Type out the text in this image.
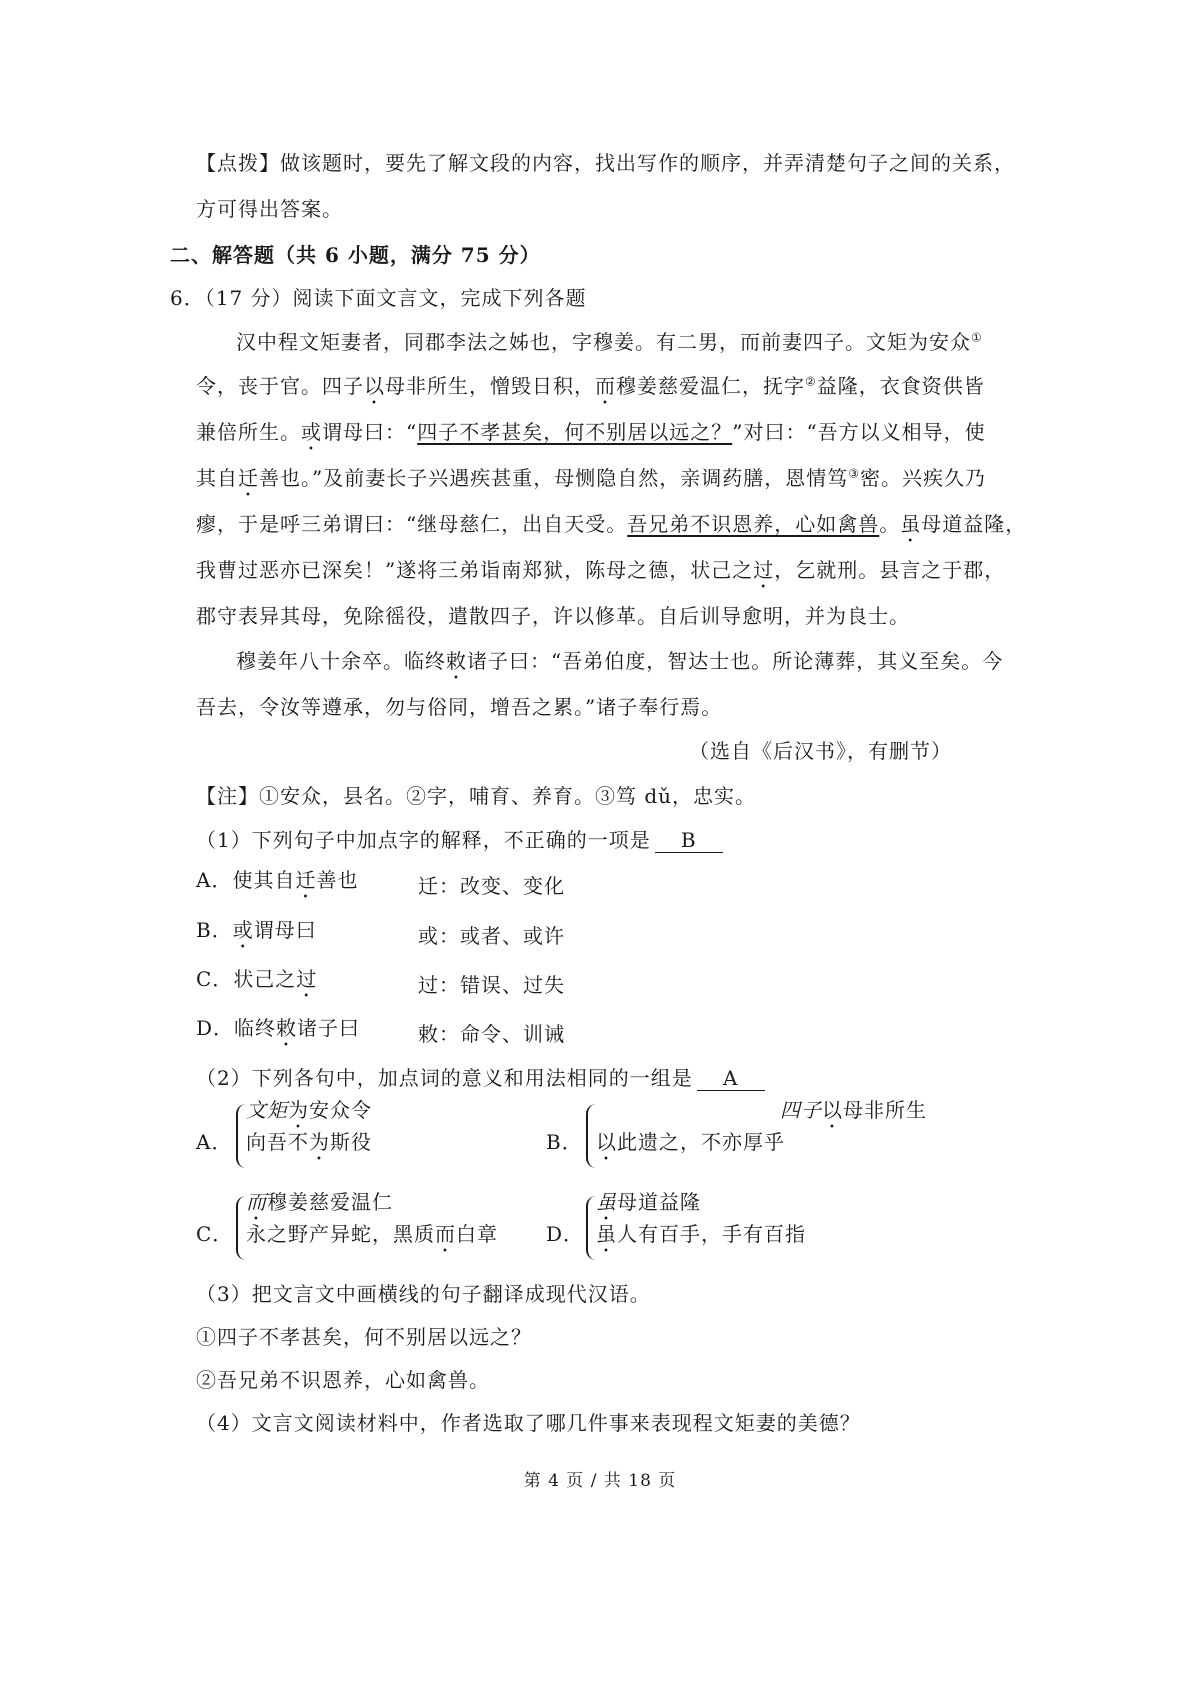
【点拨】做该题时，要先了解文段的内容，找出写作的顺序，并弄清楚句子之间的关系，
方可得出答案。
二、解答题（共 6 小题，满分 75 分）
6．（17 分）阅读下面文言文，完成下列各题
汉中程文矩妻者，同郡李法之姊也，字穆姜。有二男，而前妻四子。文矩为安众①
令，丧于官。四子以母非所生，憎毁日积，而穆姜慈爱温仁，抚字②益隆，衣食资供皆
兼倍所生。或谓母曰：“四子不孝甚矣，何不别居以远之？”对曰：“吾方以义相导，使
其自迁善也。”及前妻长子兴遇疾甚重，母恻隐自然，亲调药膳，恩情笃③密。兴疾久乃
瘳，于是呼三弟谓曰：“继母慈仁，出自天受。吾兄弟不识恩养，心如禽兽。虽母道益隆，
我曹过恶亦已深矣！”遂将三弟诣南郑狱，陈母之德，状己之过，乞就刑。县言之于郡，
郡守表异其母，免除徭役，遣散四子，许以修革。自后训导愈明，并为良士。
穆姜年八十余卒。临终敕诸子曰：“吾弟伯度，智达士也。所论薄葬，其义至矣。今
吾去，令汝等遵承，勿与俗同，增吾之累。”诸子奉行焉。
（选自《后汉书》，有删节）
【注】①安众，县名。②字，哺育、养育。③笃 dǔ，忠实。
（1）下列句子中加点字的解释，不正确的一项是 B
A．使其自迁善也	迁：改变、变化
B．或谓母曰	或：或者、或许
C．状己之过	过：错误、过失
D．临终敕诸子曰	敕：命令、训诫
（2）下列各句中，加点词的意义和用法相同的一组是 A
A．
文矩为安众令
向吾不为斯役	B．
四子以母非所生
以此遗之，不亦厚乎
C．
而穆姜慈爱温仁
永之野产异蛇，黑质而白章 D．
虽母道益隆
虽人有百手，手有百指
（3）把文言文中画横线的句子翻译成现代汉语。
①四子不孝甚矣，何不别居以远之？
②吾兄弟不识恩养，心如禽兽。
（4）文言文阅读材料中，作者选取了哪几件事来表现程文矩妻的美德？
第 4 页 / 共 18 页
